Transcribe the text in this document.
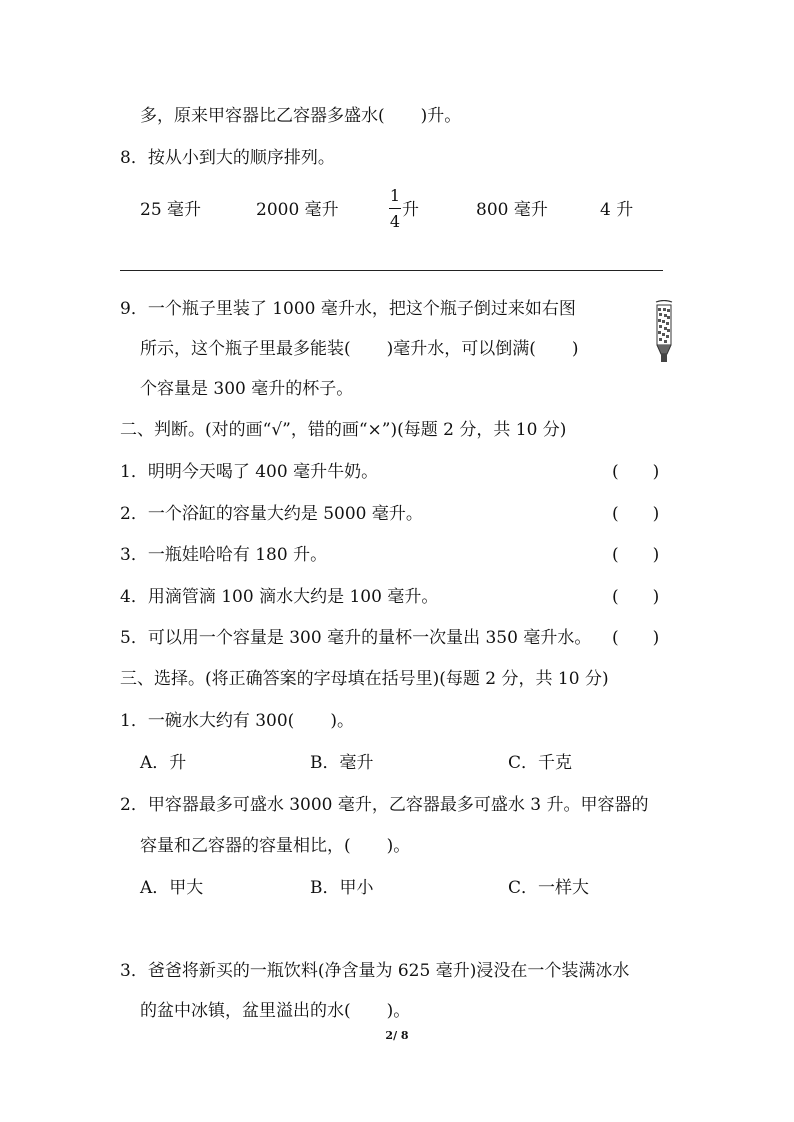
多，原来甲容器比乙容器多盛水( )升。
8．按从小到大的顺序排列。
25 毫升	2000 毫升
1
4
升	800 毫升	4 升
9．一个瓶子里装了 1000 毫升水，把这个瓶子倒过来如右图
所示，这个瓶子里最多能装( )毫升水，可以倒满( )
个容量是 300 毫升的杯子。
二、判断。(对的画“√”，错的画“×”)(每题 2 分，共 10 分)
1．明明今天喝了 400 毫升牛奶。	(　　)
2．一个浴缸的容量大约是 5000 毫升。	(　　)
3．一瓶娃哈哈有 180 升。	(　　)
4．用滴管滴 100 滴水大约是 100 毫升。	(　　)
5．可以用一个容量是 300 毫升的量杯一次量出 350 毫升水。 (　　)
三、选择。(将正确答案的字母填在括号里)(每题 2 分，共 10 分)
1．一碗水大约有 300( )。
A．升	B．毫升	C．千克
2．甲容器最多可盛水 3000 毫升，乙容器最多可盛水 3 升。甲容器的
容量和乙容器的容量相比，( )。
A．甲大	B．甲小	C．一样大
3．爸爸将新买的一瓶饮料(净含量为 625 毫升)浸没在一个装满冰水
的盆中冰镇，盆里溢出的水( )。
2/ 8
